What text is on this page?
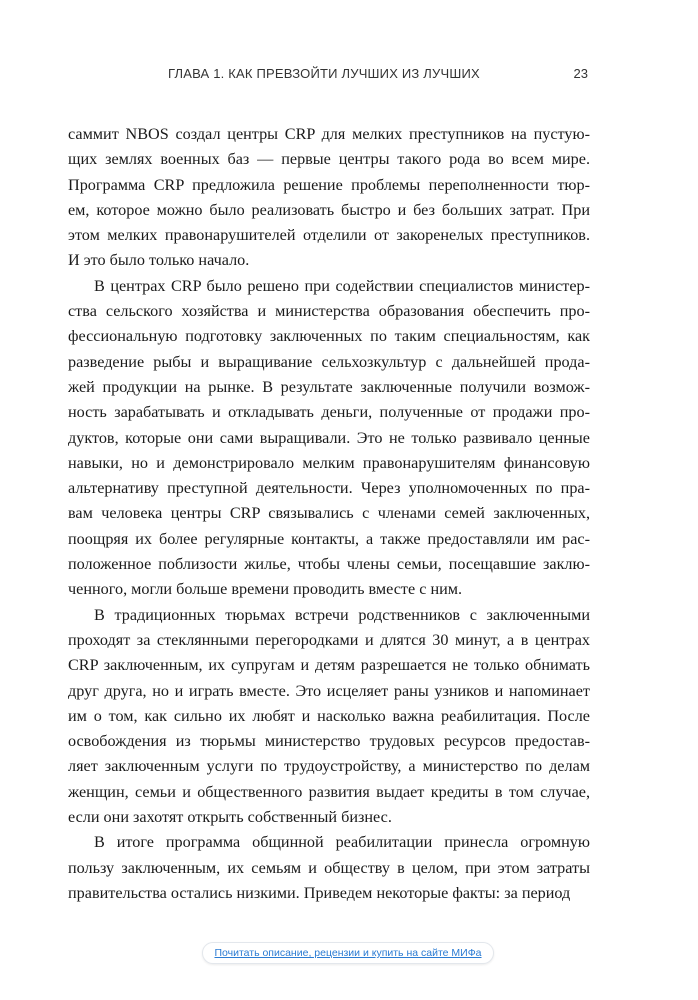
ГЛАВА 1. КАК ПРЕВЗОЙТИ ЛУЧШИХ ИЗ ЛУЧШИХ	23
саммит NBOS создал центры CRP для мелких преступников на пустую-
щих землях военных баз — первые центры такого рода во всем мире.
Программа CRP предложила решение проблемы переполненности тюр-
ем, которое можно было реализовать быстро и без больших затрат. При
этом мелких правонарушителей отделили от закоренелых преступников.
И это было только начало.
В центрах CRP было решено при содействии специалистов министер-
ства сельского хозяйства и министерства образования обеспечить про-
фессиональную подготовку заключенных по таким специальностям, как
разведение рыбы и выращивание сельхозкультур с дальнейшей прода-
жей продукции на рынке. В результате заключенные получили возмож-
ность зарабатывать и откладывать деньги, полученные от продажи про-
дуктов, которые они сами выращивали. Это не только развивало ценные
навыки, но и демонстрировало мелким правонарушителям финансовую
альтернативу преступной деятельности. Через уполномоченных по пра-
вам человека центры CRP связывались с членами семей заключенных,
поощряя их более регулярные контакты, а также предоставляли им рас-
положенное поблизости жилье, чтобы члены семьи, посещавшие заклю-
ченного, могли больше времени проводить вместе с ним.
В традиционных тюрьмах встречи родственников с заключенными
проходят за стеклянными перегородками и длятся 30 минут, а в центрах
CRP заключенным, их супругам и детям разрешается не только обнимать
друг друга, но и играть вместе. Это исцеляет раны узников и напоминает
им о том, как сильно их любят и насколько важна реабилитация. После
освобождения из тюрьмы министерство трудовых ресурсов предостав-
ляет заключенным услуги по трудоустройству, а министерство по делам
женщин, семьи и общественного развития выдает кредиты в том случае,
если они захотят открыть собственный бизнес.
В итоге программа общинной реабилитации принесла огромную
пользу заключенным, их семьям и обществу в целом, при этом затраты
правительства остались низкими. Приведем некоторые факты: за период
Почитать описание, рецензии и купить на сайте МИФа
